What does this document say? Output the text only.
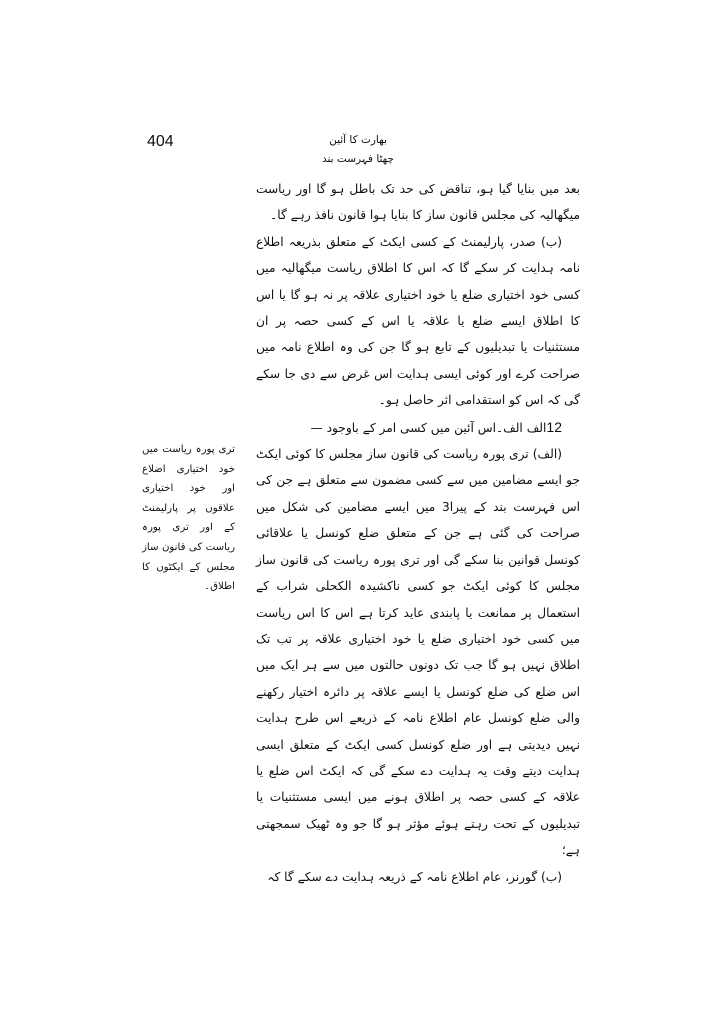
404	بھارت کا آئین
چھٹا فہرست بند
تری پورہ ریاست میں خود اختیاری اضلاع اور خود اختیاری علاقوں پر پارلیمنٹ کے اور تری پورہ ریاست کی قانون ساز مجلس کے ایکٹوں کا اطلاق۔

بعد میں بنایا گیا ہو، تناقض کی حد تک باطل ہو گا اور ریاست میگھالیہ کی مجلس قانون ساز کا بنایا ہوا قانون نافذ رہے گا۔

(ب) صدر، پارلیمنٹ کے کسی ایکٹ کے متعلق بذریعہ اطلاع نامہ ہدایت کر سکے گا کہ اس کا اطلاق ریاست میگھالیہ میں کسی خود اختیاری ضلع یا خود اختیاری علاقہ پر نہ ہو گا یا اس کا اطلاق ایسے ضلع یا علاقہ یا اس کے کسی حصہ پر ان مستثنیات یا تبدیلیوں کے تابع ہو گا جن کی وہ اطلاع نامہ میں صراحت کرے اور کوئی ایسی ہدایت اس غرض سے دی جا سکے گی کہ اس کو استقدامی اثر حاصل ہو۔

12الف الف۔اس آئین میں کسی امر کے باوجود —

(الف) تری پورہ ریاست کی قانون ساز مجلس کا کوئی ایکٹ جو ایسے مضامین میں سے کسی مضمون سے متعلق ہے جن کی اس فہرست بند کے پیرا3 میں ایسے مضامین کی شکل میں صراحت کی گئی ہے جن کے متعلق ضلع کونسل یا علاقائی کونسل قوانین بنا سکے گی اور تری پورہ ریاست کی قانون ساز مجلس کا کوئی ایکٹ جو کسی ناکشیدہ الکحلی شراب کے استعمال پر ممانعت یا پابندی عاید کرتا ہے اس کا اس ریاست میں کسی خود اختیاری ضلع یا خود اختیاری علاقہ پر تب تک اطلاق نہیں ہو گا جب تک دونوں حالتوں میں سے ہر ایک میں اس ضلع کی ضلع کونسل یا ایسے علاقہ پر دائرہ اختیار رکھنے والی ضلع کونسل عام اطلاع نامہ کے ذریعے اس طرح ہدایت نہیں دیدیتی ہے اور ضلع کونسل کسی ایکٹ کے متعلق ایسی ہدایت دیتے وقت یہ ہدایت دے سکے گی کہ ایکٹ اس ضلع یا علاقہ کے کسی حصہ پر اطلاق ہونے میں ایسی مستثنیات یا تبدیلیوں کے تحت رہتے ہوئے مؤثر ہو گا جو وہ ٹھیک سمجھتی ہے؛

(ب) گورنر، عام اطلاع نامہ کے ذریعہ ہدایت دے سکے گا کہ
